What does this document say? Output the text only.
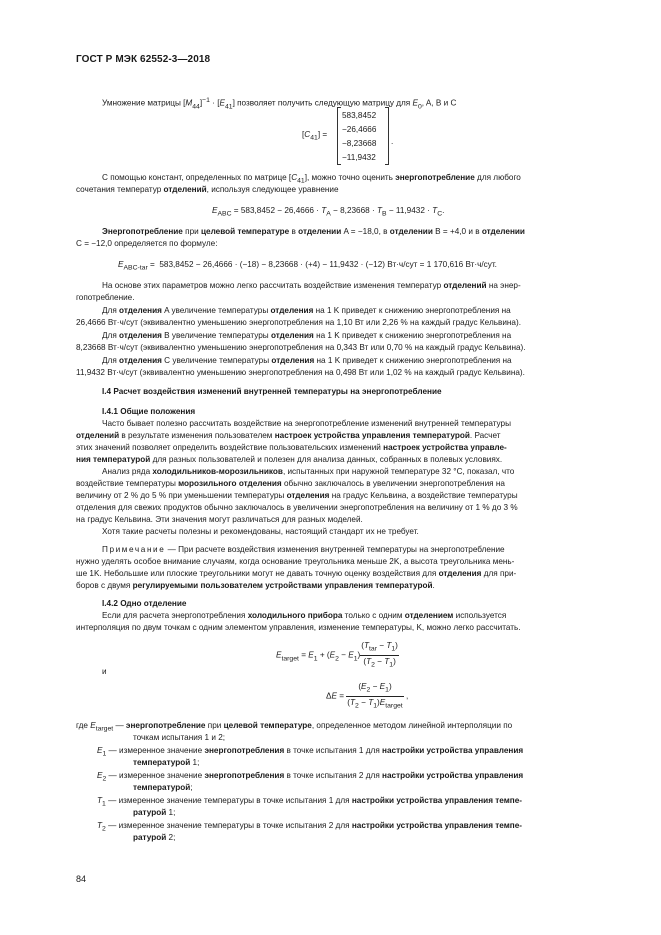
ГОСТ Р МЭК 62552-3—2018
Умножение матрицы $[M_{44}]^{-1} \cdot [E_{41}]$ позволяет получить следующую матрицу для $E_0$, A, B и C
$[C_{41}]$ =
583,8452
−26,4666
−8,23668
−11,9432
.
С помощью констант, определенных по матрице $[C_{41}]$, можно точно оценить энергопотребление для любого
сочетания температур отделений, используя следующее уравнение
$E_{ABC} = 583,8452 - 26,4666 \cdot T_A - 8,23668 \cdot T_B - 11,9432 \cdot T_C$.
Энергопотребление при целевой температуре в отделении A = −18,0, в отделении B = +4,0 и в отделении
C = −12,0 определяется по формуле:
$E_{ABC-tar} = 583,8452 - 26,4666 \cdot (-18) - 8,23668 \cdot (+4) - 11,9432 \cdot (-12) Вт\cdot ч/сут = 1$ 170,616 Вт·ч/сут.
На основе этих параметров можно легко рассчитать воздействие изменения температур отделений на энер-
гопотребление.
Для отделения A увеличение температуры отделения на 1 K приведет к снижению энергопотребления на
26,4666 Вт·ч/сут (эквивалентно уменьшению энергопотребления на 1,10 Вт или 2,26 % на каждый градус Кельвина).
Для отделения B увеличение температуры отделения на 1 K приведет к снижению энергопотребления на
8,23668 Вт·ч/сут (эквивалентно уменьшению энергопотребления на 0,343 Вт или 0,70 % на каждый градус Кельвина).
Для отделения C увеличение температуры отделения на 1 K приведет к снижению энергопотребления на
11,9432 Вт·ч/сут (эквивалентно уменьшению энергопотребления на 0,498 Вт или 1,02 % на каждый градус Кельвина).
I.4 Расчет воздействия изменений внутренней температуры на энергопотребление
I.4.1 Общие положения
Часто бывает полезно рассчитать воздействие на энергопотребление изменений внутренней температуры
отделений в результате изменения пользователем настроек устройства управления температурой. Расчет
этих значений позволяет определить воздействие пользовательских изменений настроек устройства управле-
ния температурой для разных пользователей и полезен для анализа данных, собранных в полевых условиях.
Анализ ряда холодильников-морозильников, испытанных при наружной температуре 32 °C, показал, что
воздействие температуры морозильного отделения обычно заключалось в увеличении энергопотребления на
величину от 2 % до 5 % при уменьшении температуры отделения на градус Кельвина, а воздействие температуры
отделения для свежих продуктов обычно заключалось в увеличении энергопотребления на величину от 1 % до 3 %
на градус Кельвина. Эти значения могут различаться для разных моделей.
Хотя такие расчеты полезны и рекомендованы, настоящий стандарт их не требует.
Примечание — При расчете воздействия изменения внутренней температуры на энергопотребление
нужно уделять особое внимание случаям, когда основание треугольника меньше 2K, а высота треугольника мень-
ше 1K. Небольшие или плоские треугольники могут не давать точную оценку воздействия для отделения для при-
боров с двумя регулируемыми пользователем устройствами управления температурой.
I.4.2 Одно отделение
Если для расчета энергопотребления холодильного прибора только с одним отделением используется
интерполяция по двум точкам с одним элементом управления, изменение температуры, K, можно легко рассчитать.
$E_{target} = E_1 + (E_2 - E_1) \frac{(T_{tar} - T_1)}{(T_2 - T_1)}$
и
$\Delta E = \frac{(E_2 - E_1)}{(T_2 - T_1)E_{target}}$ ,
где $E_{target}$ — энергопотребление при целевой температуре, определенное методом линейной интерполяции по
точкам испытания 1 и 2;
$E_1$ — измеренное значение энергопотребления в точке испытания 1 для настройки устройства управления
температурой 1;
$E_2$ — измеренное значение энергопотребления в точке испытания 2 для настройки устройства управления
температурой;
$T_1$ — измеренное значение температуры в точке испытания 1 для настройки устройства управления темпе-
ратурой 1;
$T_2$ — измеренное значение температуры в точке испытания 2 для настройки устройства управления темпе-
ратурой 2;
84
